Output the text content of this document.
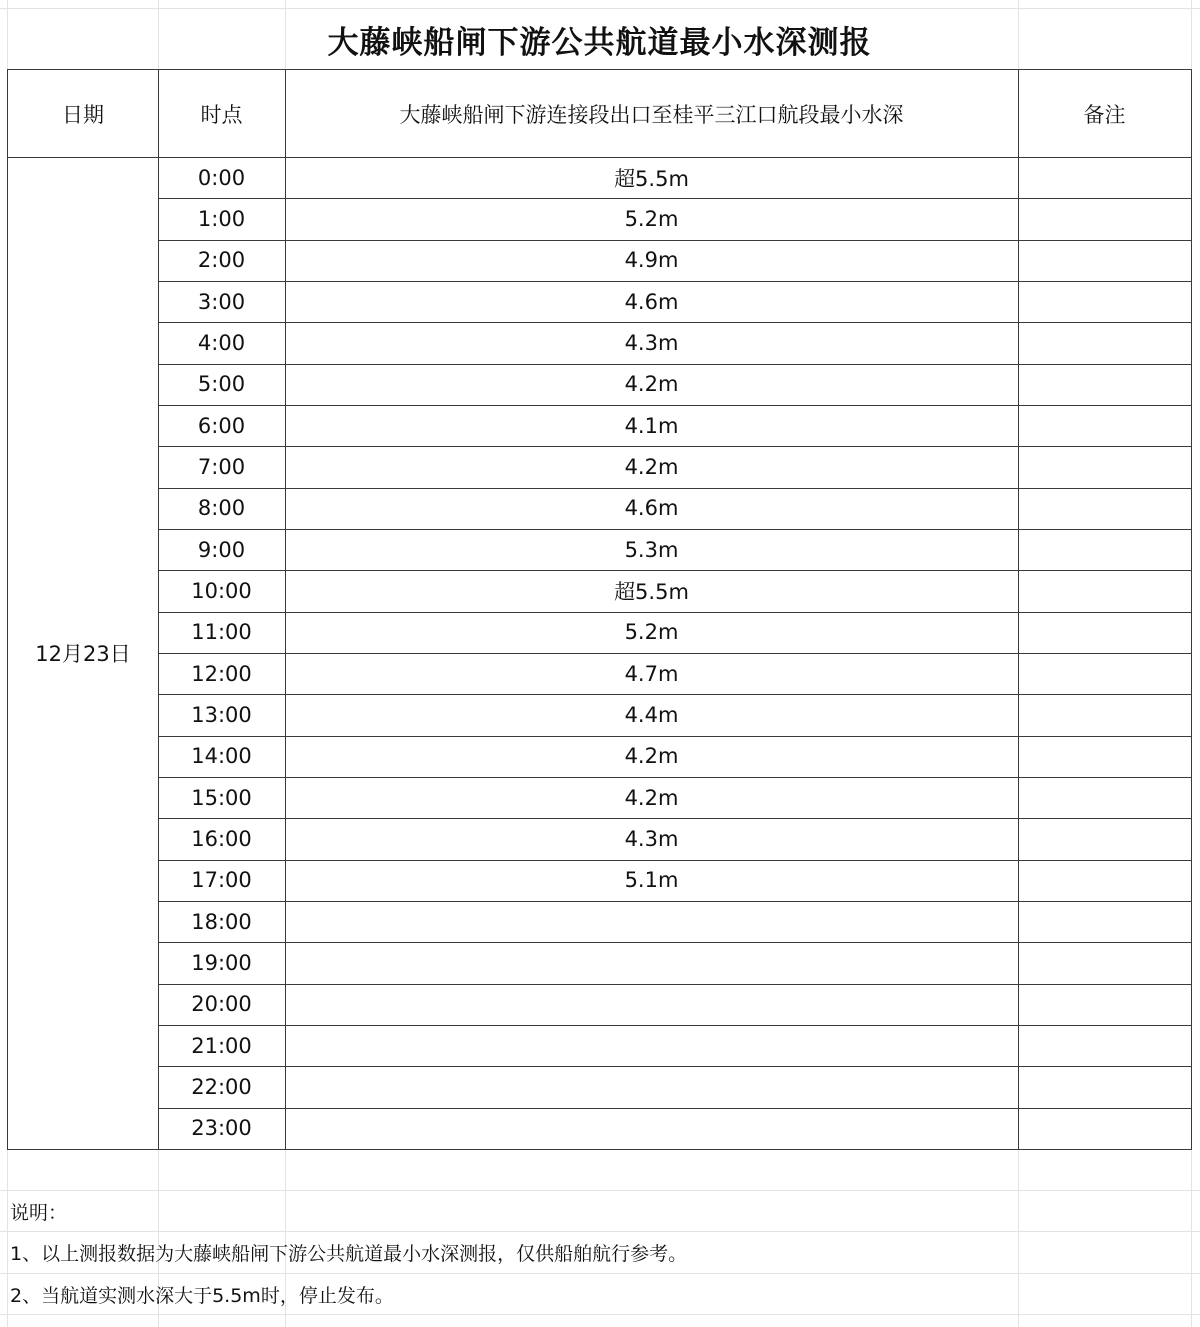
大藤峡船闸下游公共航道最小水深测报
日期	时点	大藤峡船闸下游连接段出口至桂平三江口航段最小水深	备注
12月23日
0:00	超5.5m
1:00	5.2m
2:00	4.9m
3:00	4.6m
4:00	4.3m
5:00	4.2m
6:00	4.1m
7:00	4.2m
8:00	4.6m
9:00	5.3m
10:00	超5.5m
11:00	5.2m
12:00	4.7m
13:00	4.4m
14:00	4.2m
15:00	4.2m
16:00	4.3m
17:00	5.1m
18:00
19:00
20:00
21:00
22:00
23:00
说明：
1、以上测报数据为大藤峡船闸下游公共航道最小水深测报，仅供船舶航行参考。
2、当航道实测水深大于5.5m时，停止发布。
